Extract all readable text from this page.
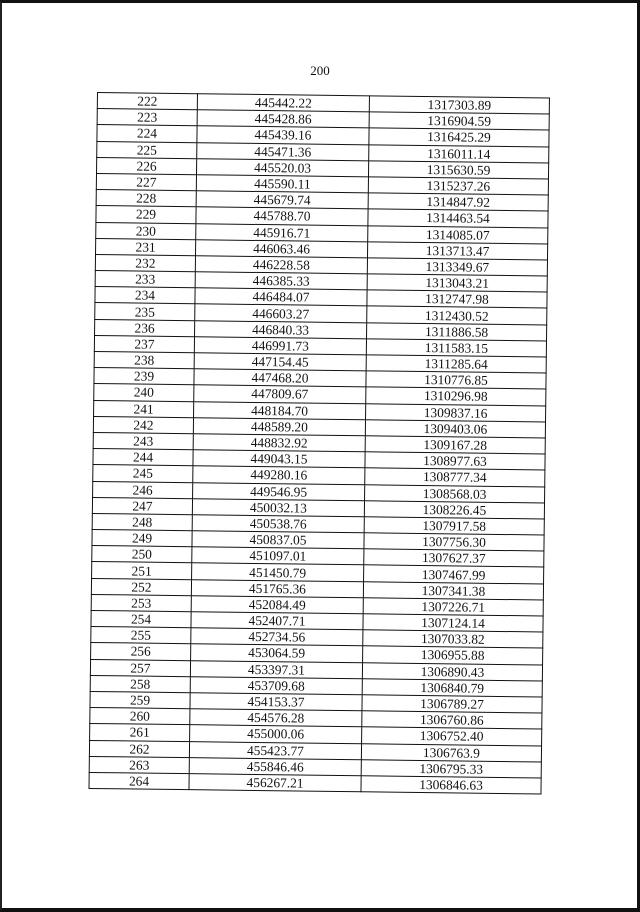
200
222	445442.22	1317303.89
223	445428.86	1316904.59
224	445439.16	1316425.29
225	445471.36	1316011.14
226	445520.03	1315630.59
227	445590.11	1315237.26
228	445679.74	1314847.92
229	445788.70	1314463.54
230	445916.71	1314085.07
231	446063.46	1313713.47
232	446228.58	1313349.67
233	446385.33	1313043.21
234	446484.07	1312747.98
235	446603.27	1312430.52
236	446840.33	1311886.58
237	446991.73	1311583.15
238	447154.45	1311285.64
239	447468.20	1310776.85
240	447809.67	1310296.98
241	448184.70	1309837.16
242	448589.20	1309403.06
243	448832.92	1309167.28
244	449043.15	1308977.63
245	449280.16	1308777.34
246	449546.95	1308568.03
247	450032.13	1308226.45
248	450538.76	1307917.58
249	450837.05	1307756.30
250	451097.01	1307627.37
251	451450.79	1307467.99
252	451765.36	1307341.38
253	452084.49	1307226.71
254	452407.71	1307124.14
255	452734.56	1307033.82
256	453064.59	1306955.88
257	453397.31	1306890.43
258	453709.68	1306840.79
259	454153.37	1306789.27
260	454576.28	1306760.86
261	455000.06	1306752.40
262	455423.77	1306763.9
263	455846.46	1306795.33
264	456267.21	1306846.63
